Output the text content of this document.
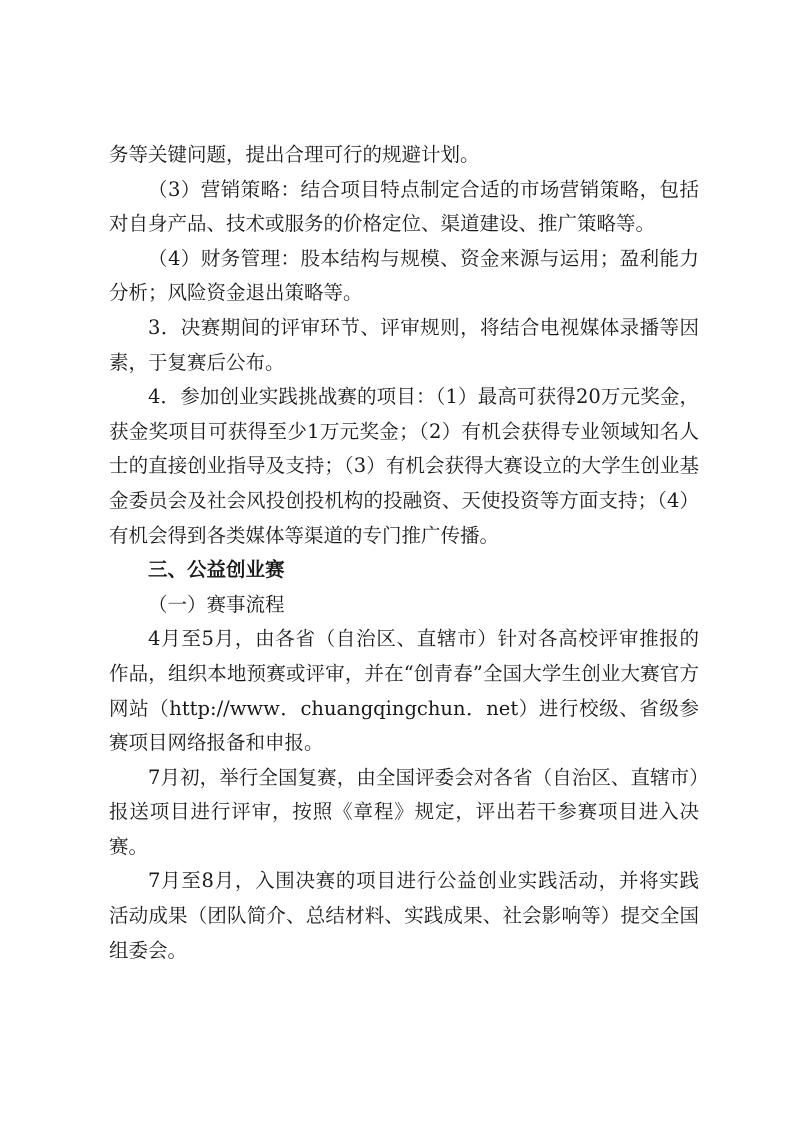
务等关键问题，提出合理可行的规避计划。

（3）营销策略：结合项目特点制定合适的市场营销策略，包括对自身产品、技术或服务的价格定位、渠道建设、推广策略等。

（4）财务管理：股本结构与规模、资金来源与运用；盈利能力分析；风险资金退出策略等。

3．决赛期间的评审环节、评审规则，将结合电视媒体录播等因素，于复赛后公布。

4．参加创业实践挑战赛的项目：（1）最高可获得20万元奖金，获金奖项目可获得至少1万元奖金；（2）有机会获得专业领域知名人士的直接创业指导及支持；（3）有机会获得大赛设立的大学生创业基金委员会及社会风投创投机构的投融资、天使投资等方面支持；（4）有机会得到各类媒体等渠道的专门推广传播。

三、公益创业赛

（一）赛事流程

4月至5月，由各省（自治区、直辖市）针对各高校评审推报的作品，组织本地预赛或评审，并在“创青春”全国大学生创业大赛官方网站（http://www．chuangqingchun．net）进行校级、省级参赛项目网络报备和申报。

7月初，举行全国复赛，由全国评委会对各省（自治区、直辖市）报送项目进行评审，按照《章程》规定，评出若干参赛项目进入决赛。

7月至8月，入围决赛的项目进行公益创业实践活动，并将实践活动成果（团队简介、总结材料、实践成果、社会影响等）提交全国组委会。
